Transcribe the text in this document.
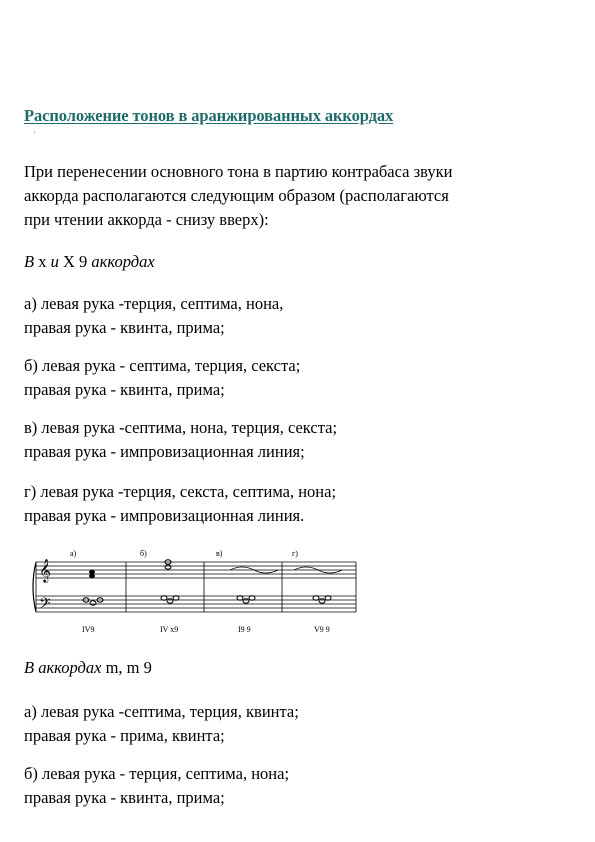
Расположение тонов в аранжированных аккордах
'
При перенесении основного тона в партию контрабаса звуки
аккорда располагаются следующим образом (располагаются
при чтении аккорда - снизу вверх):
В x и X 9 аккордах
а) левая рука -терция, септима, нона,
правая рука - квинта, прима;
б) левая рука - септима, терция, секста;
правая рука - квинта, прима;
в) левая рука -септима, нона, терция, секста;
правая рука - импровизационная линия;
г) левая рука -терция, секста, септима, нона;
правая рука - импровизационная линия.
𝄞
𝄢
а)	б)	в)	г)
IV9	IV x9	I9 9	V9 9
В аккордах m, m 9
а) левая рука -септима, терция, квинта;
правая рука - прима, квинта;
б) левая рука - терция, септима, нона;
правая рука - квинта, прима;
